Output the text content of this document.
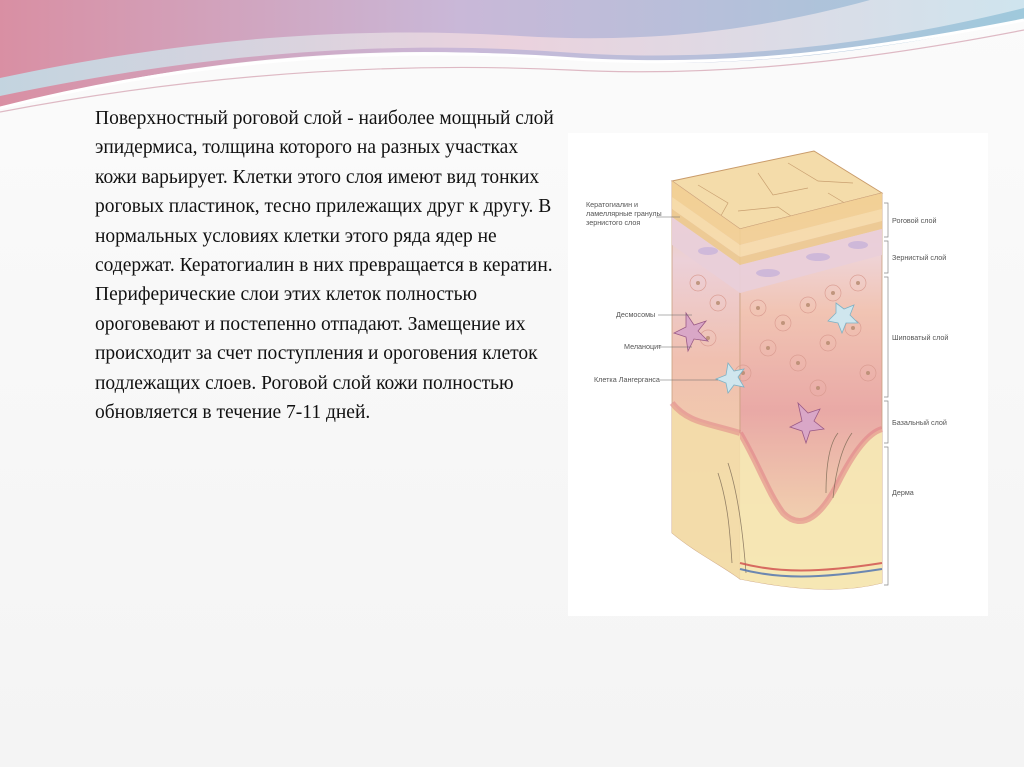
Поверхностный роговой слой - наиболее мощный слой эпидермиса, толщина которого на разных участках кожи варьирует. Клетки этого слоя имеют вид тонких роговых пластинок, тесно прилежащих друг к другу. В нормальных условиях клетки этого ряда ядер не содержат. Кератогиалин в них превращается в кератин. Периферические слои этих клеток полностью ороговевают и постепенно отпадают. Замещение их происходит за счет поступления и ороговения клеток подлежащих слоев. Роговой слой кожи полностью обновляется в течение 7-11 дней.

Кератогиалин и
ламеллярные гранулы
зернистого слоя
Десмосомы
Меланоцит
Клетка Лангерганса
Роговой слой
Зернистый слой
Шиповатый слой
Базальный слой
Дерма
